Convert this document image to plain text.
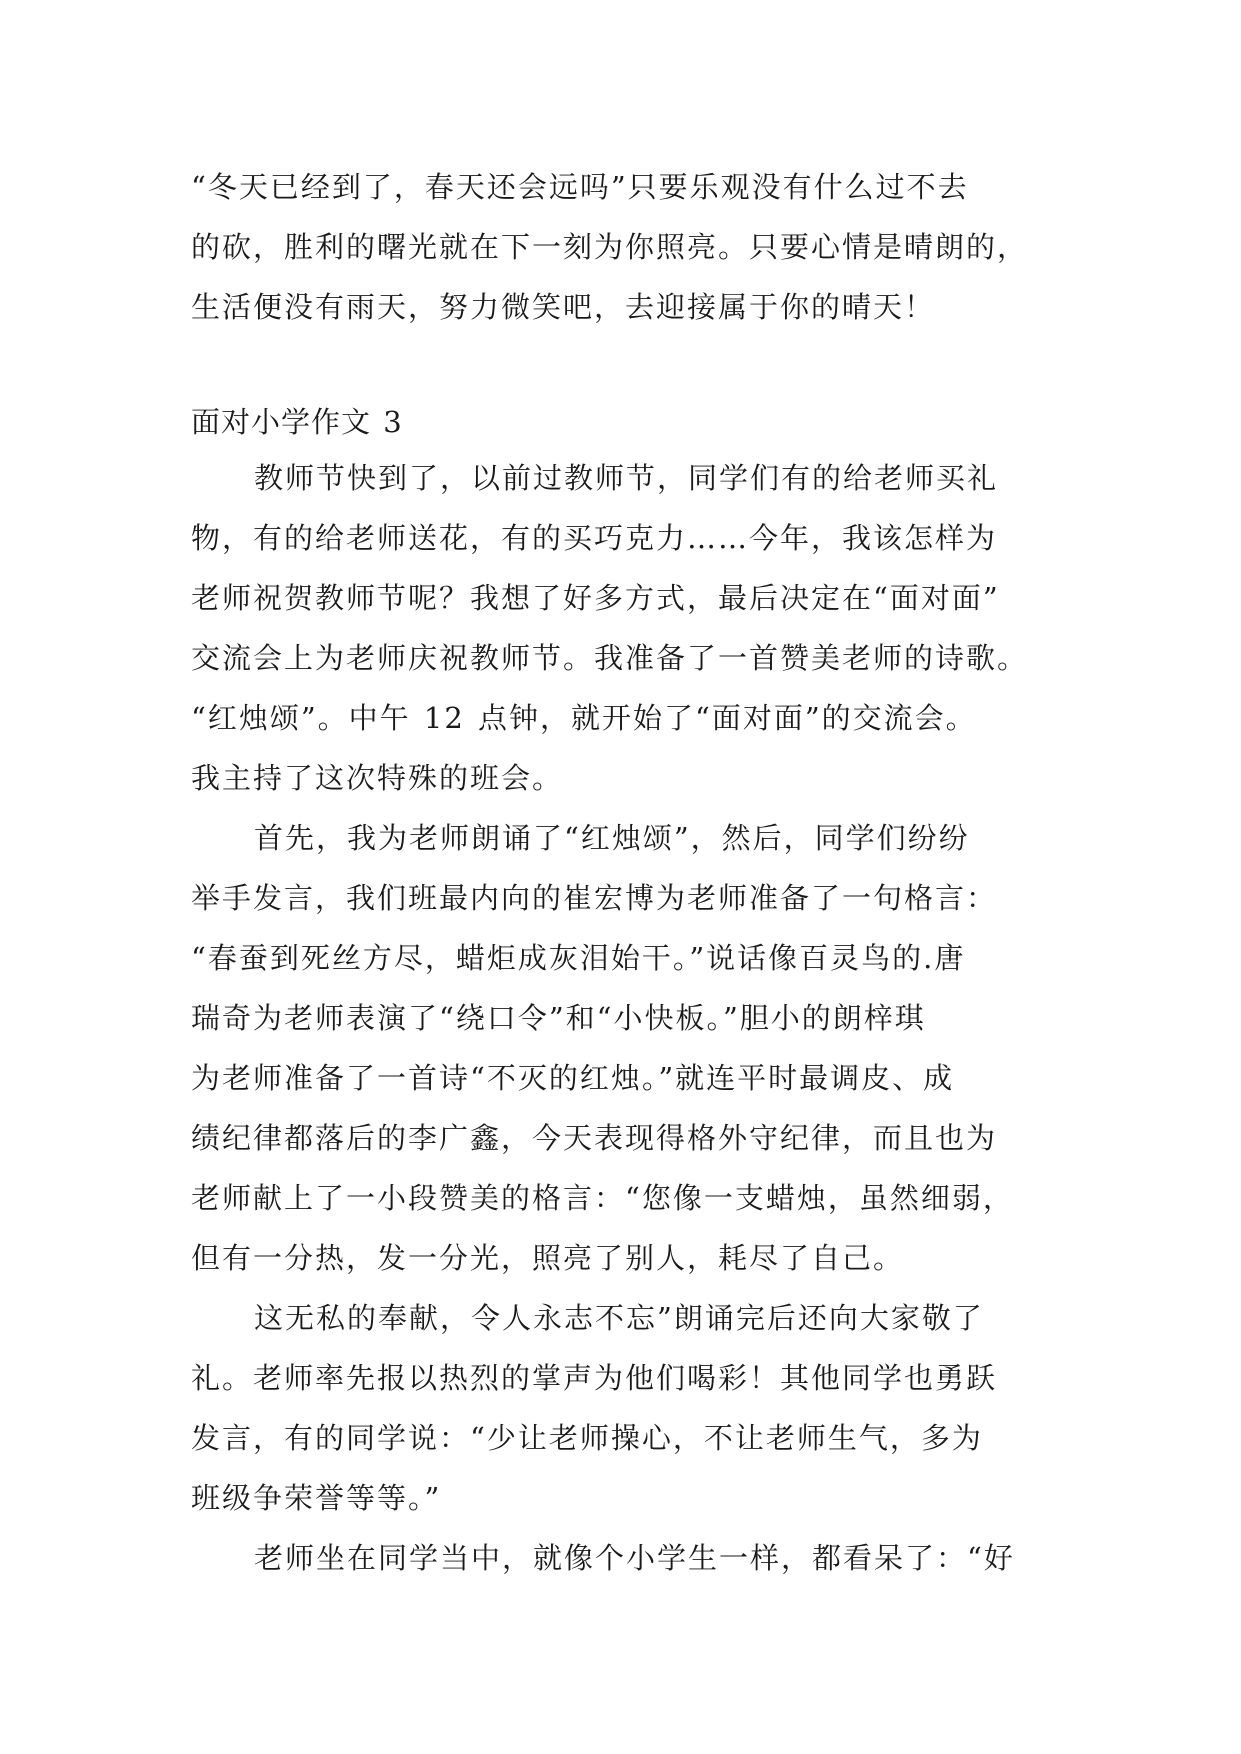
“冬天已经到了，春天还会远吗”只要乐观没有什么过不去
的砍，胜利的曙光就在下一刻为你照亮。只要心情是晴朗的，
生活便没有雨天，努力微笑吧，去迎接属于你的晴天！
面对小学作文 3
教师节快到了，以前过教师节，同学们有的给老师买礼
物，有的给老师送花，有的买巧克力……今年，我该怎样为
老师祝贺教师节呢？我想了好多方式，最后决定在“面对面”
交流会上为老师庆祝教师节。我准备了一首赞美老师的诗歌。
“红烛颂”。中午 12 点钟，就开始了“面对面”的交流会。
我主持了这次特殊的班会。
首先，我为老师朗诵了“红烛颂”，然后，同学们纷纷
举手发言，我们班最内向的崔宏博为老师准备了一句格言：
“春蚕到死丝方尽，蜡炬成灰泪始干。”说话像百灵鸟的.唐
瑞奇为老师表演了“绕口令”和“小快板。”胆小的朗梓琪
为老师准备了一首诗“不灭的红烛。”就连平时最调皮、成
绩纪律都落后的李广鑫，今天表现得格外守纪律，而且也为
老师献上了一小段赞美的格言：“您像一支蜡烛，虽然细弱，
但有一分热，发一分光，照亮了别人，耗尽了自己。
这无私的奉献，令人永志不忘”朗诵完后还向大家敬了
礼。老师率先报以热烈的掌声为他们喝彩！其他同学也勇跃
发言，有的同学说：“少让老师操心，不让老师生气，多为
班级争荣誉等等。”
老师坐在同学当中，就像个小学生一样，都看呆了：“好
